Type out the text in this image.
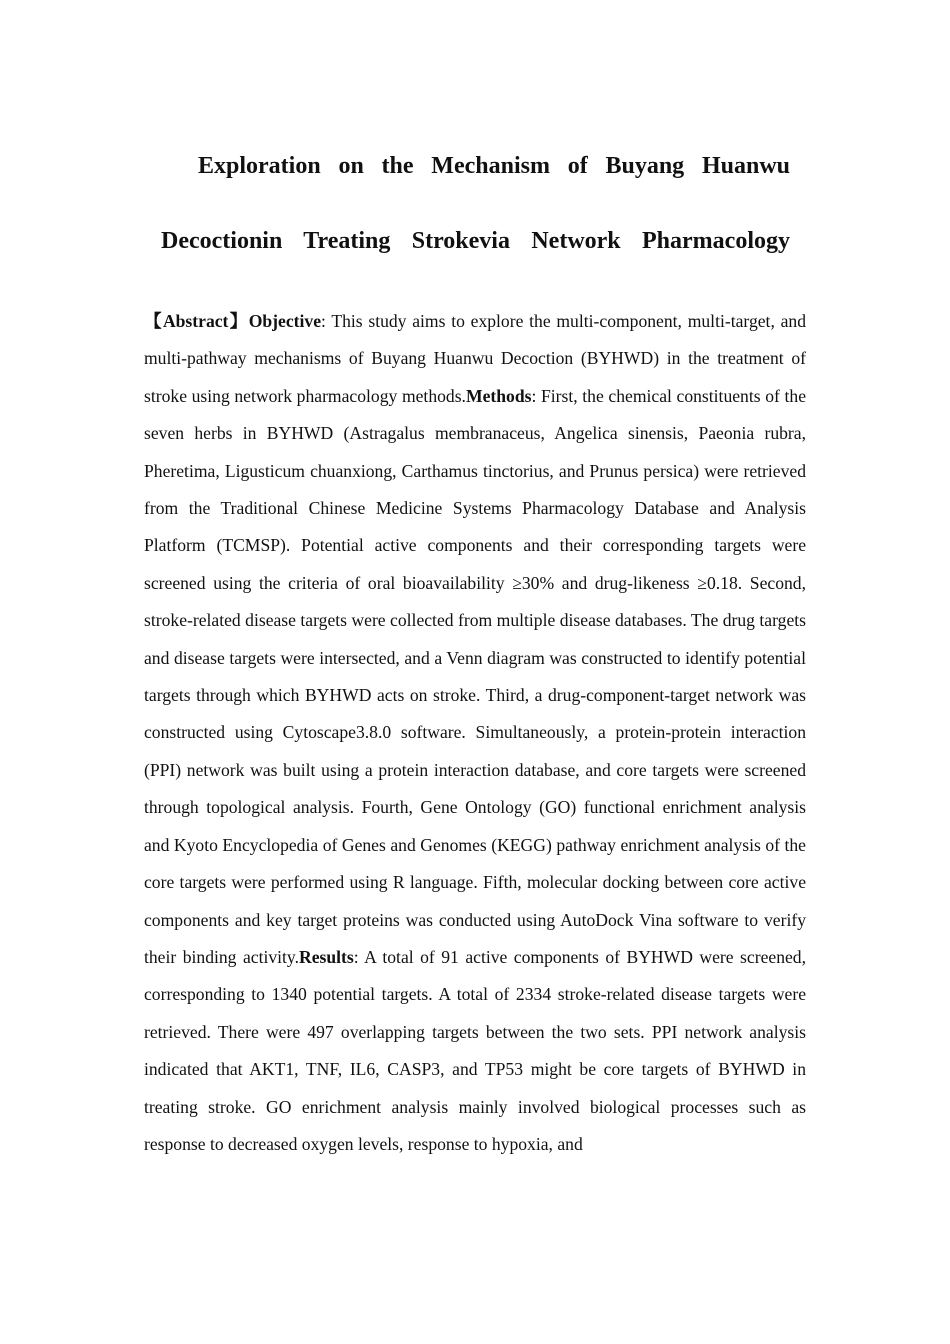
Exploration on the Mechanism of Buyang Huanwu
Decoctionin Treating Strokevia Network Pharmacology
【Abstract】Objective: This study aims to explore the multi-component, multi-target, and multi-pathway mechanisms of Buyang Huanwu Decoction (BYHWD) in the treatment of stroke using network pharmacology methods.Methods: First, the chemical constituents of the seven herbs in BYHWD (Astragalus membranaceus, Angelica sinensis, Paeonia rubra, Pheretima, Ligusticum chuanxiong, Carthamus tinctorius, and Prunus persica) were retrieved from the Traditional Chinese Medicine Systems Pharmacology Database and Analysis Platform (TCMSP). Potential active components and their corresponding targets were screened using the criteria of oral bioavailability ≥30% and drug-likeness ≥0.18. Second, stroke-related disease targets were collected from multiple disease databases. The drug targets and disease targets were intersected, and a Venn diagram was constructed to identify potential targets through which BYHWD acts on stroke. Third, a drug-component-target network was constructed using Cytoscape3.8.0 software. Simultaneously, a protein-protein interaction (PPI) network was built using a protein interaction database, and core targets were screened through topological analysis. Fourth, Gene Ontology (GO) functional enrichment analysis and Kyoto Encyclopedia of Genes and Genomes (KEGG) pathway enrichment analysis of the core targets were performed using R language. Fifth, molecular docking between core active components and key target proteins was conducted using AutoDock Vina software to verify their binding activity.Results: A total of 91 active components of BYHWD were screened, corresponding to 1340 potential targets. A total of 2334 stroke-related disease targets were retrieved. There were 497 overlapping targets between the two sets. PPI network analysis indicated that AKT1, TNF, IL6, CASP3, and TP53 might be core targets of BYHWD in treating stroke. GO enrichment analysis mainly involved biological processes such as response to decreased oxygen levels, response to hypoxia, and
